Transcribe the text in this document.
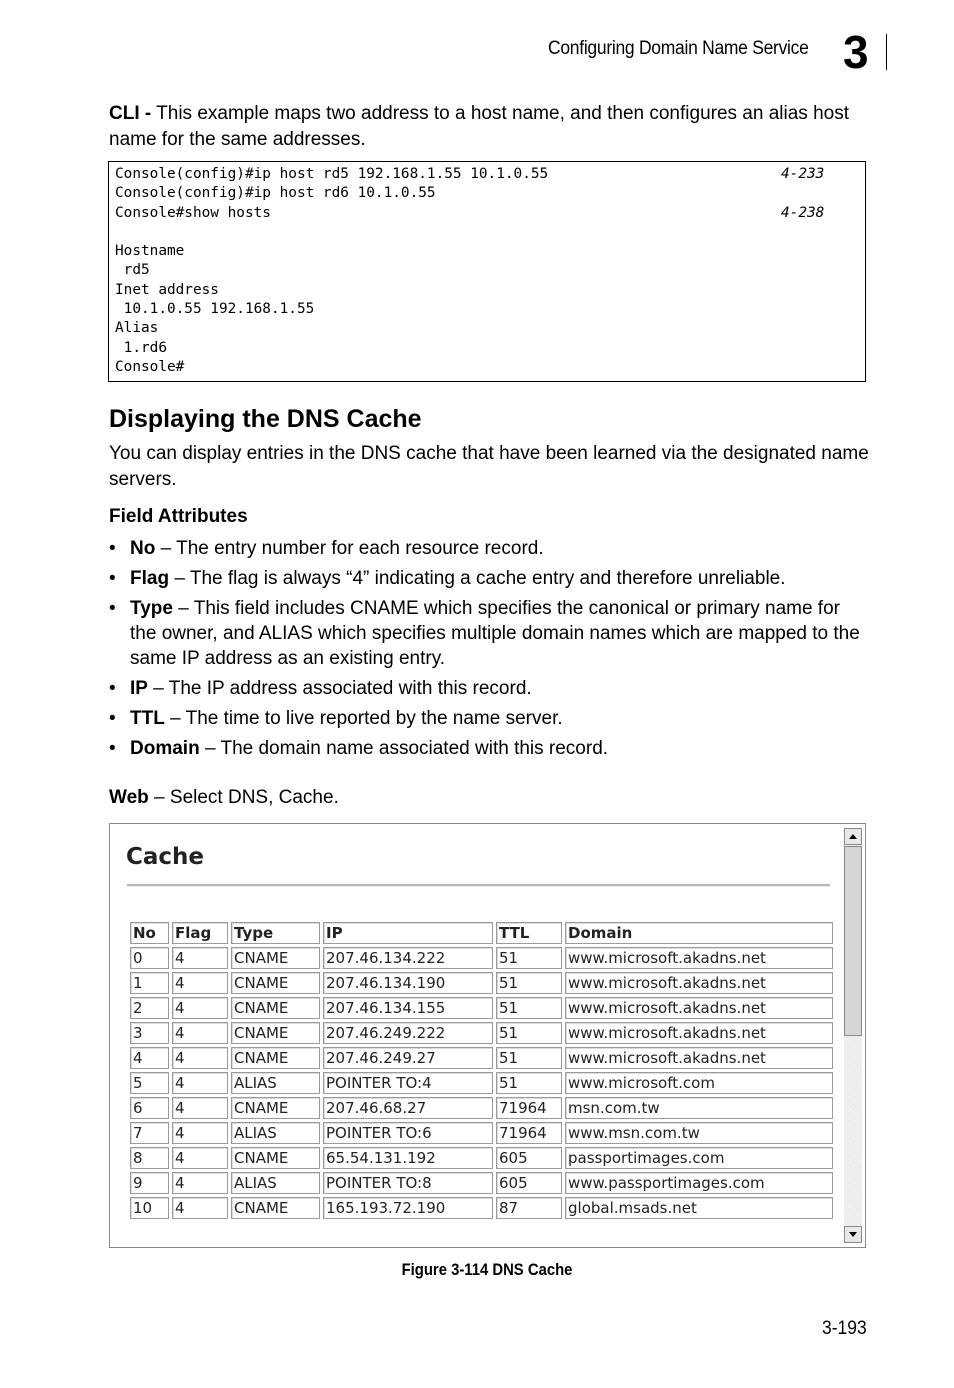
Configuring Domain Name Service 3
CLI - This example maps two address to a host name, and then configures an alias host name for the same addresses.
Console(config)#ip host rd5 192.168.1.55 10.1.0.55	4-233
Console(config)#ip host rd6 10.1.0.55
Console#show hosts	4-238
Hostname
rd5
Inet address
10.1.0.55 192.168.1.55
Alias
1.rd6
Console#
Displaying the DNS Cache
You can display entries in the DNS cache that have been learned via the designated name servers.
Field Attributes
• No – The entry number for each resource record.
• Flag – The flag is always “4” indicating a cache entry and therefore unreliable.
• Type – This field includes CNAME which specifies the canonical or primary name for the owner, and ALIAS which specifies multiple domain names which are mapped to the same IP address as an existing entry.
• IP – The IP address associated with this record.
• TTL – The time to live reported by the name server.
• Domain – The domain name associated with this record.
Web – Select DNS, Cache.
Cache
No	Flag	Type	IP	TTL	Domain
0	4	CNAME	207.46.134.222	51	www.microsoft.akadns.net
1	4	CNAME	207.46.134.190	51	www.microsoft.akadns.net
2	4	CNAME	207.46.134.155	51	www.microsoft.akadns.net
3	4	CNAME	207.46.249.222	51	www.microsoft.akadns.net
4	4	CNAME	207.46.249.27	51	www.microsoft.akadns.net
5	4	ALIAS	POINTER TO:4	51	www.microsoft.com
6	4	CNAME	207.46.68.27	71964	msn.com.tw
7	4	ALIAS	POINTER TO:6	71964	www.msn.com.tw
8	4	CNAME	65.54.131.192	605	passportimages.com
9	4	ALIAS	POINTER TO:8	605	www.passportimages.com
10	4	CNAME	165.193.72.190	87	global.msads.net
Figure 3-114 DNS Cache
3-193
